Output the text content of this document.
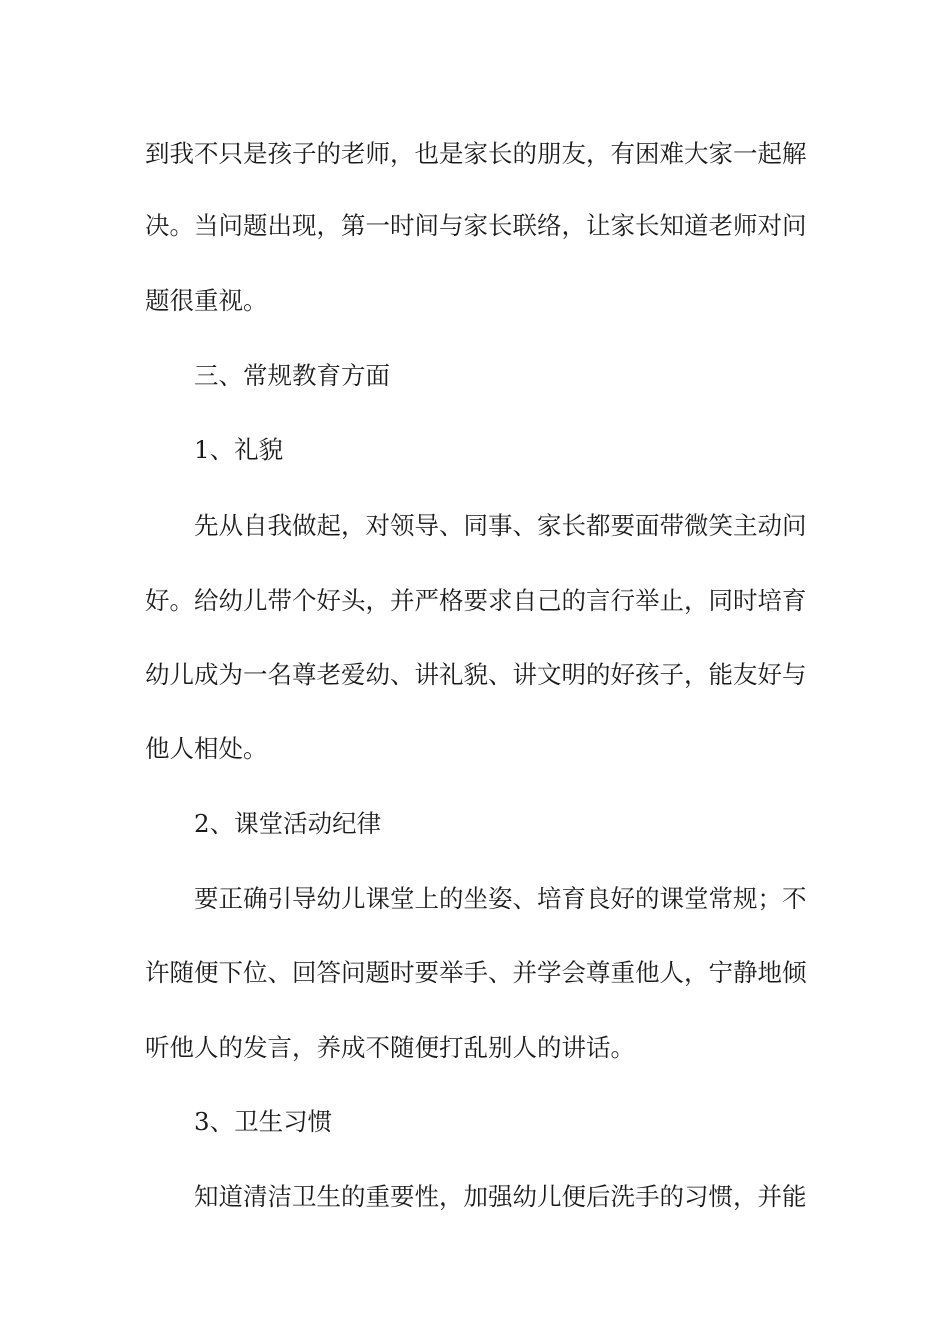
到我不只是孩子的老师，也是家长的朋友，有困难大家一起解

决。当问题出现，第一时间与家长联络，让家长知道老师对问

题很重视。

三、常规教育方面

1、礼貌

先从自我做起，对领导、同事、家长都要面带微笑主动问

好。给幼儿带个好头，并严格要求自己的言行举止，同时培育

幼儿成为一名尊老爱幼、讲礼貌、讲文明的好孩子，能友好与

他人相处。

2、课堂活动纪律

要正确引导幼儿课堂上的坐姿、培育良好的课堂常规；不

许随便下位、回答问题时要举手、并学会尊重他人，宁静地倾

听他人的发言，养成不随便打乱别人的讲话。

3、卫生习惯

知道清洁卫生的重要性，加强幼儿便后洗手的习惯，并能
